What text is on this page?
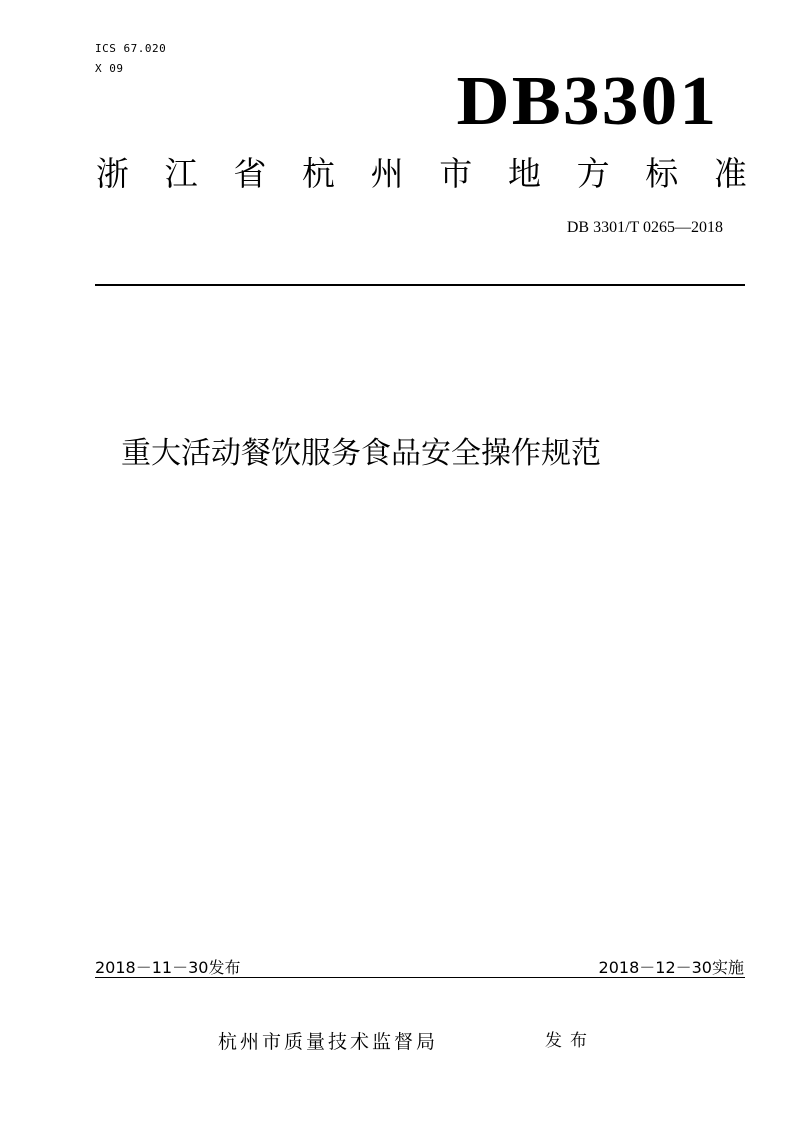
ICS 67.020
X 09	DB3301
浙 江 省 杭 州 市 地 方 标 准
DB 3301/T 0265—2018
重大活动餐饮服务食品安全操作规范
2018－11－30发布	2018－12－30实施
杭州市质量技术监督局	发布
